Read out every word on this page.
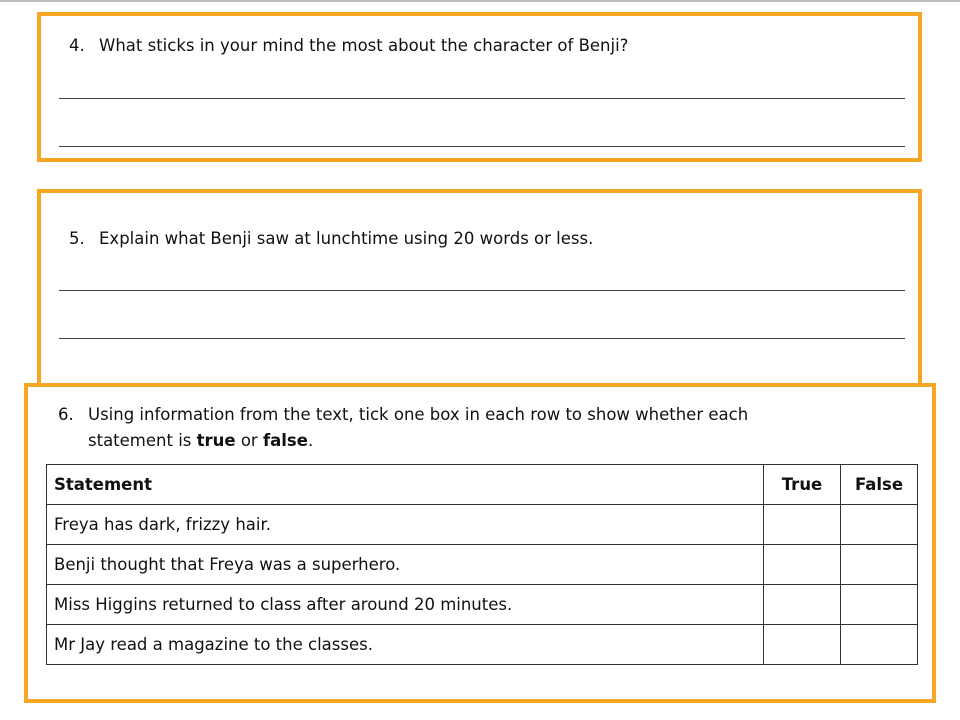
4. What sticks in your mind the most about the character of Benji?
5. Explain what Benji saw at lunchtime using 20 words or less.
6. Using information from the text, tick one box in each row to show whether each
statement is true or false.
Statement	True	False
Freya has dark, frizzy hair.	

Benji thought that Freya was a superhero.	

Miss Higgins returned to class after around 20 minutes.	

Mr Jay read a magazine to the classes.	
